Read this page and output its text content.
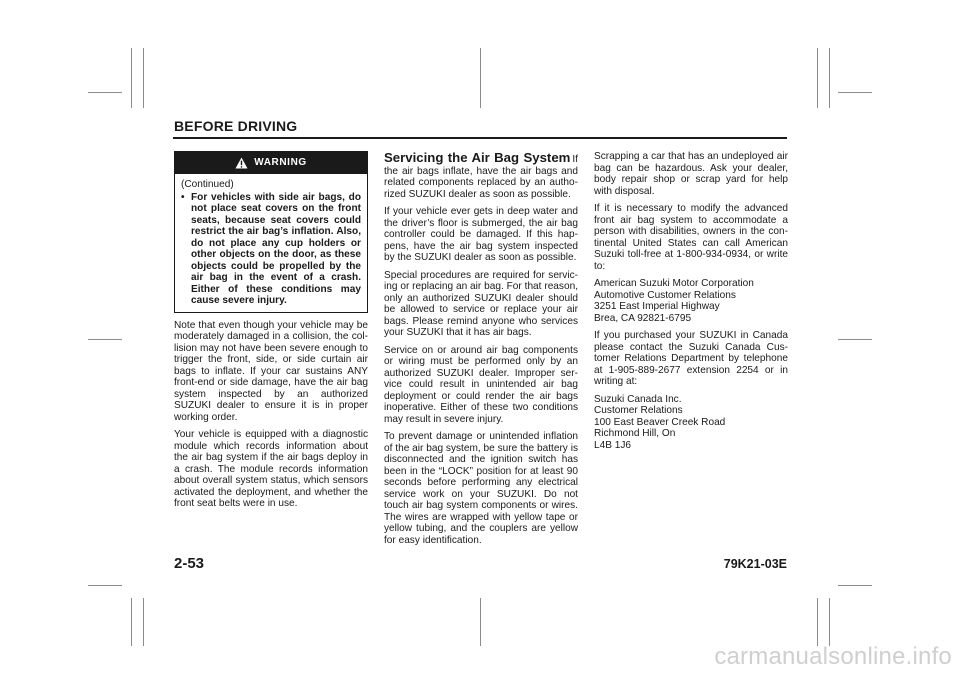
BEFORE DRIVING
WARNING
(Continued)
• For vehicles with side air bags, do not place seat covers on the front seats, because seat covers could restrict the air bag’s inflation. Also, do not place any cup holders or other objects on the door, as these objects could be propelled by the air bag in the event of a crash. Either of these conditions may cause severe injury.

Note that even though your vehicle may be moderately damaged in a collision, the col-lision may not have been severe enough to trigger the front, side, or side curtain air bags to inflate. If your car sustains ANY front-end or side damage, have the air bag system inspected by an authorized SUZUKI dealer to ensure it is in proper working order.

Your vehicle is equipped with a diagnostic module which records information about the air bag system if the air bags deploy in a crash. The module records information about overall system status, which sensors activated the deployment, and whether the front seat belts were in use.

Servicing the Air Bag System If the air bags inflate, have the air bags and related components replaced by an autho-rized SUZUKI dealer as soon as possible.

If your vehicle ever gets in deep water and the driver’s floor is submerged, the air bag controller could be damaged. If this hap-pens, have the air bag system inspected by the SUZUKI dealer as soon as possible.

Special procedures are required for servic-ing or replacing an air bag. For that reason, only an authorized SUZUKI dealer should be allowed to service or replace your air bags. Please remind anyone who services your SUZUKI that it has air bags.

Service on or around air bag components or wiring must be performed only by an authorized SUZUKI dealer. Improper ser-vice could result in unintended air bag deployment or could render the air bags inoperative. Either of these two conditions may result in severe injury.

To prevent damage or unintended inflation of the air bag system, be sure the battery is disconnected and the ignition switch has been in the “LOCK” position for at least 90 seconds before performing any electrical service work on your SUZUKI. Do not touch air bag system components or wires. The wires are wrapped with yellow tape or yellow tubing, and the couplers are yellow for easy identification.

Scrapping a car that has an undeployed air bag can be hazardous. Ask your dealer, body repair shop or scrap yard for help with disposal.

If it is necessary to modify the advanced front air bag system to accommodate a person with disabilities, owners in the con-tinental United States can call American Suzuki toll-free at 1-800-934-0934, or write to:

American Suzuki Motor Corporation
Automotive Customer Relations
3251 East Imperial Highway
Brea, CA 92821-6795

If you purchased your SUZUKI in Canada please contact the Suzuki Canada Cus-tomer Relations Department by telephone at 1-905-889-2677 extension 2254 or in writing at:

Suzuki Canada Inc.
Customer Relations
100 East Beaver Creek Road
Richmond Hill, On
L4B 1J6

2-53	79K21-03E
carmanualsonline.info
